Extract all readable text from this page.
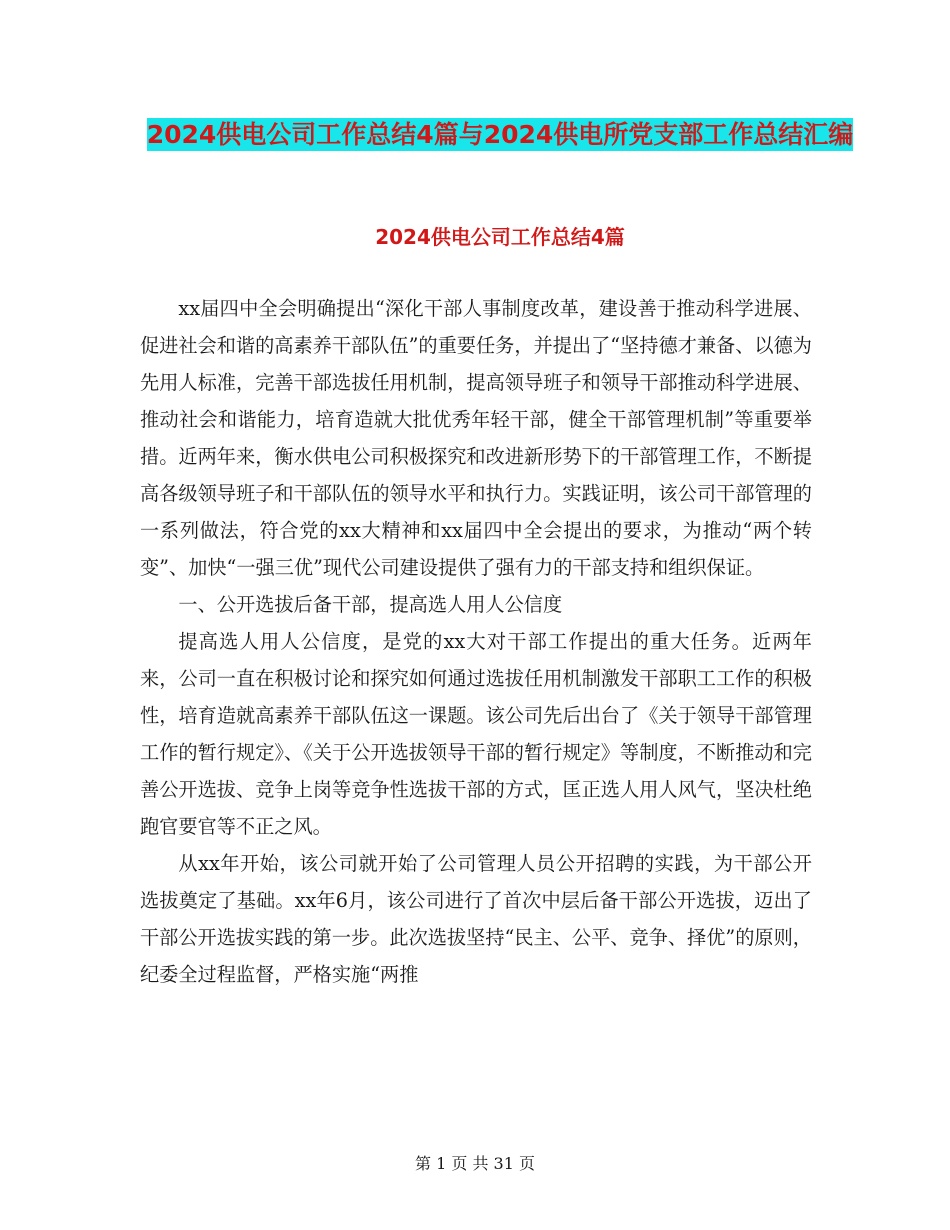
2024供电公司工作总结4篇与2024供电所党支部工作总结汇编
2024供电公司工作总结4篇

xx届四中全会明确提出“深化干部人事制度改革，建设善于推动科学进展、促进社会和谐的高素养干部队伍”的重要任务，并提出了“坚持德才兼备、以德为先用人标准，完善干部选拔任用机制，提高领导班子和领导干部推动科学进展、推动社会和谐能力，培育造就大批优秀年轻干部，健全干部管理机制”等重要举措。近两年来，衡水供电公司积极探究和改进新形势下的干部管理工作，不断提高各级领导班子和干部队伍的领导水平和执行力。实践证明，该公司干部管理的一系列做法，符合党的xx大精神和xx届四中全会提出的要求，为推动“两个转变”、加快“一强三优”现代公司建设提供了强有力的干部支持和组织保证。

一、公开选拔后备干部，提高选人用人公信度

提高选人用人公信度，是党的xx大对干部工作提出的重大任务。近两年来，公司一直在积极讨论和探究如何通过选拔任用机制激发干部职工工作的积极性，培育造就高素养干部队伍这一课题。该公司先后出台了《关于领导干部管理工作的暂行规定》、《关于公开选拔领导干部的暂行规定》等制度，不断推动和完善公开选拔、竞争上岗等竞争性选拔干部的方式，匡正选人用人风气，坚决杜绝跑官要官等不正之风。

从xx年开始，该公司就开始了公司管理人员公开招聘的实践，为干部公开选拔奠定了基础。xx年6月，该公司进行了首次中层后备干部公开选拔，迈出了干部公开选拔实践的第一步。此次选拔坚持“民主、公平、竞争、择优”的原则，纪委全过程监督，严格实施“两推

第 1 页 共 31 页
